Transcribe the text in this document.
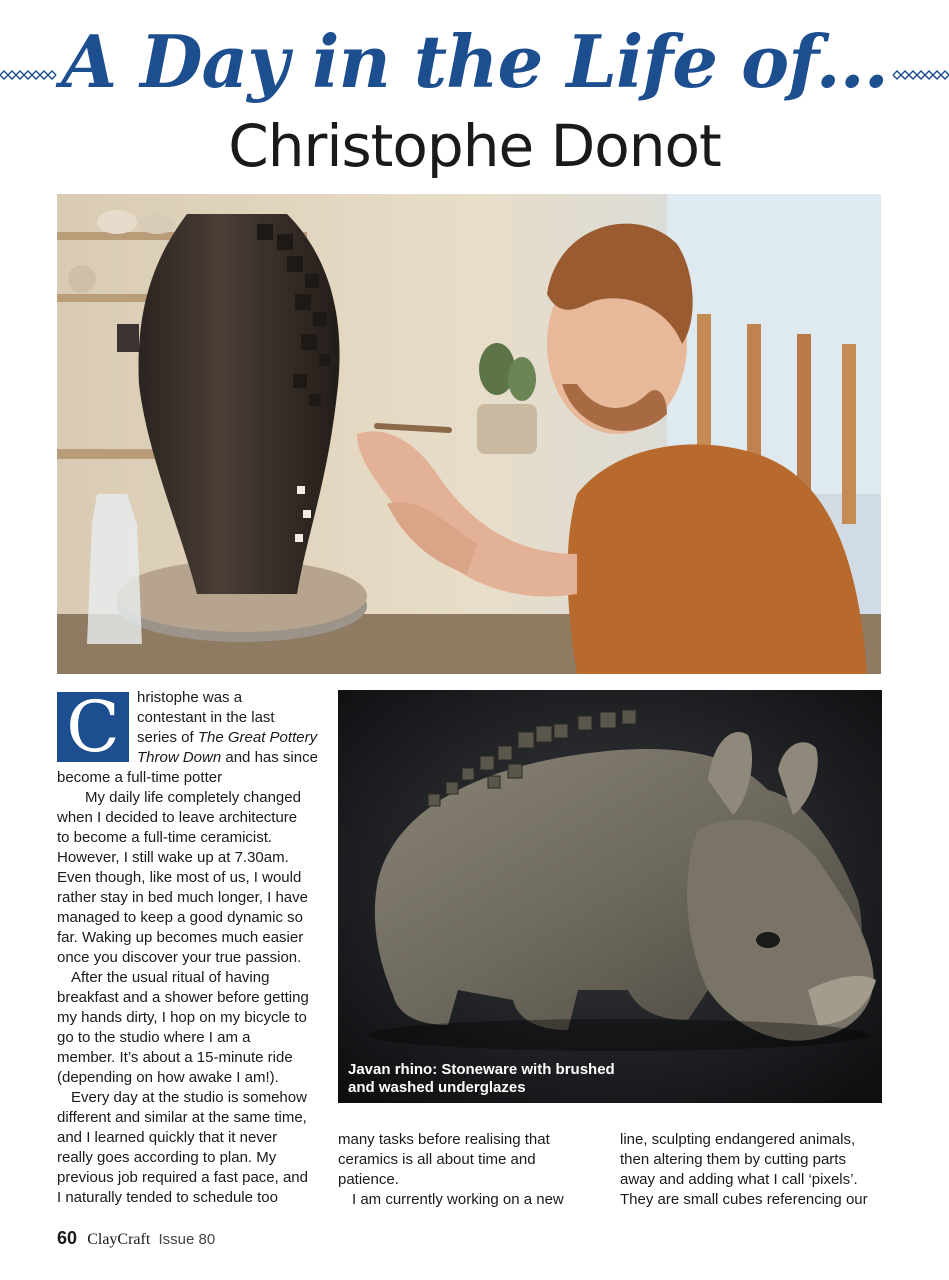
A Day in the Life of...
Christophe Donot
C	hristophe was a
contestant in the last
series of The Great Pottery
Throw Down and has since
become a full-time potter
My daily life completely changed
when I decided to leave architecture
to become a full-time ceramicist.
However, I still wake up at 7.30am.
Even though, like most of us, I would
rather stay in bed much longer, I have
managed to keep a good dynamic so
far. Waking up becomes much easier
once you discover your true passion.
After the usual ritual of having
breakfast and a shower before getting
my hands dirty, I hop on my bicycle to
go to the studio where I am a
member. It’s about a 15-minute ride
(depending on how awake I am!).
Every day at the studio is somehow
different and similar at the same time,
and I learned quickly that it never
really goes according to plan. My
previous job required a fast pace, and
I naturally tended to schedule too
Javan rhino: Stoneware with brushed
and washed underglazes
many tasks before realising that
ceramics is all about time and
patience.
I am currently working on a new
line, sculpting endangered animals,
then altering them by cutting parts
away and adding what I call ‘pixels’.
They are small cubes referencing our
60 ClayCraft Issue 80
